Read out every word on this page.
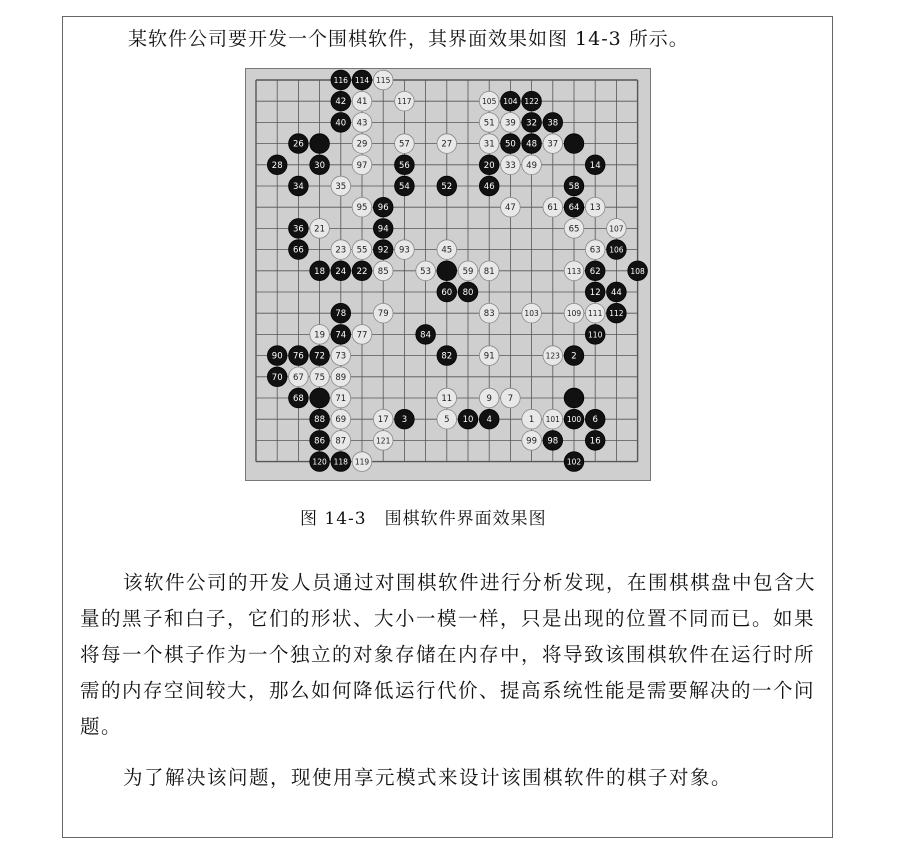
某软件公司要开发一个围棋软件，其界面效果如图 14-3 所示。
116 114 115
42 41	117	105 104 122
40 43	51 39 32 38
26	29	57	27	31 50 48 37
28	30	97	56	20 33 49	14
34	35	54	52	46	58
95 96	47	61 64 13
36 21	94	65	107
66	23 55 92 93	45	63 106
18 24 22 85	53	59 81	113 62	108
60 80	12 44
78	79	83	103	109 111 112
19 74 77	84	110
90 76 72 73	82	91	123 2
70 67 75 89
68	71	11	9 7
88 69	17 3	5 10 4	1 101 100 6
86 87	121	99 98	16
120 118 119	102
图 14-3　围棋软件界面效果图

该软件公司的开发人员通过对围棋软件进行分析发现，在围棋棋盘中包含大量的黑子和白子，它们的形状、大小一模一样，只是出现的位置不同而已。如果将每一个棋子作为一个独立的对象存储在内存中，将导致该围棋软件在运行时所需的内存空间较大，那么如何降低运行代价、提高系统性能是需要解决的一个问题。

为了解决该问题，现使用享元模式来设计该围棋软件的棋子对象。
